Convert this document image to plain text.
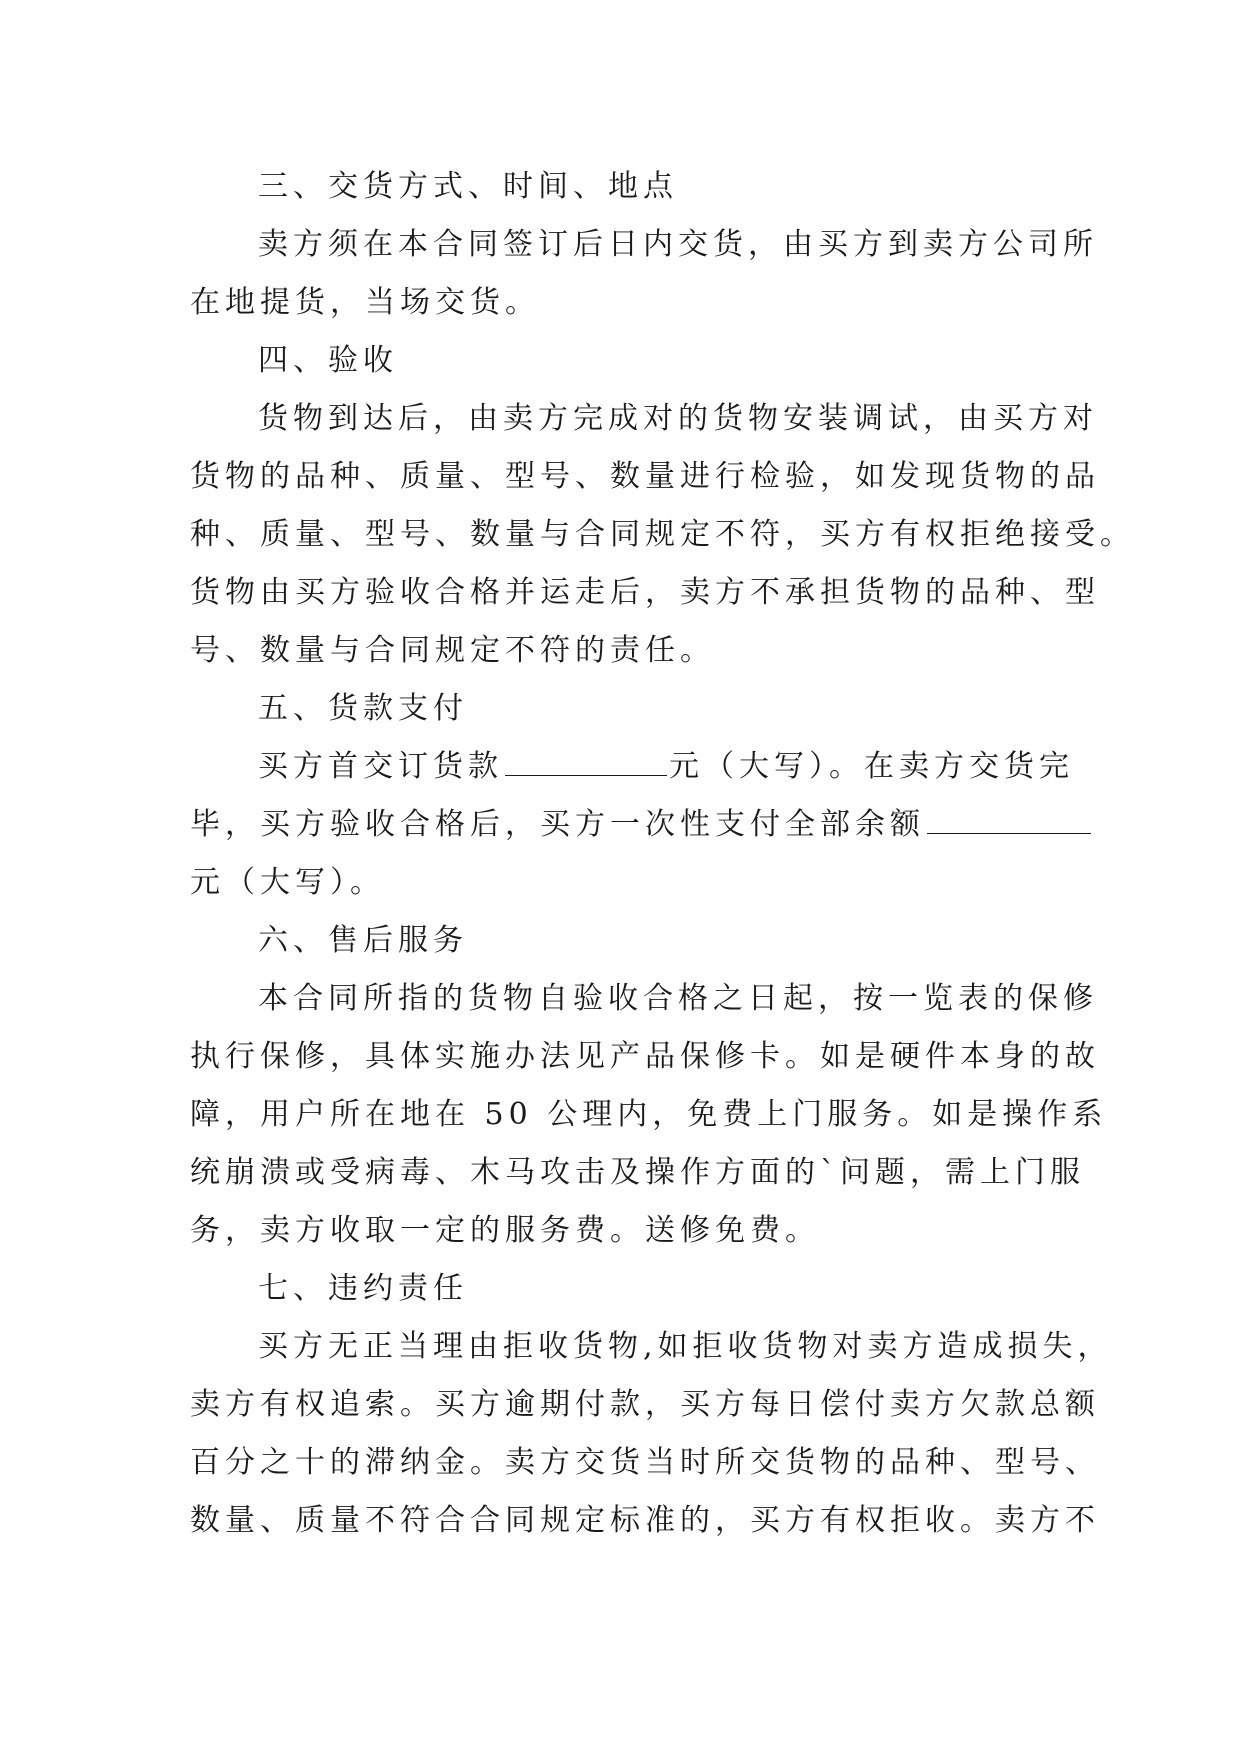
三、交货方式、时间、地点
卖方须在本合同签订后日内交货，由买方到卖方公司所
在地提货，当场交货。
四、验收
货物到达后，由卖方完成对的货物安装调试，由买方对
货物的品种、质量、型号、数量进行检验，如发现货物的品
种、质量、型号、数量与合同规定不符，买方有权拒绝接受。
货物由买方验收合格并运走后，卖方不承担货物的品种、型
号、数量与合同规定不符的责任。
五、货款支付
买方首交订货款	元（大写）。在卖方交货完
毕，买方验收合格后，买方一次性支付全部余额
元（大写）。
六、售后服务
本合同所指的货物自验收合格之日起，按一览表的保修
执行保修，具体实施办法见产品保修卡。如是硬件本身的故
障，用户所在地在 50 公理内，免费上门服务。如是操作系
统崩溃或受病毒、木马攻击及操作方面的`问题，需上门服
务，卖方收取一定的服务费。送修免费。
七、违约责任
买方无正当理由拒收货物,如拒收货物对卖方造成损失，
卖方有权追索。买方逾期付款，买方每日偿付卖方欠款总额
百分之十的滞纳金。卖方交货当时所交货物的品种、型号、
数量、质量不符合合同规定标准的，买方有权拒收。卖方不
